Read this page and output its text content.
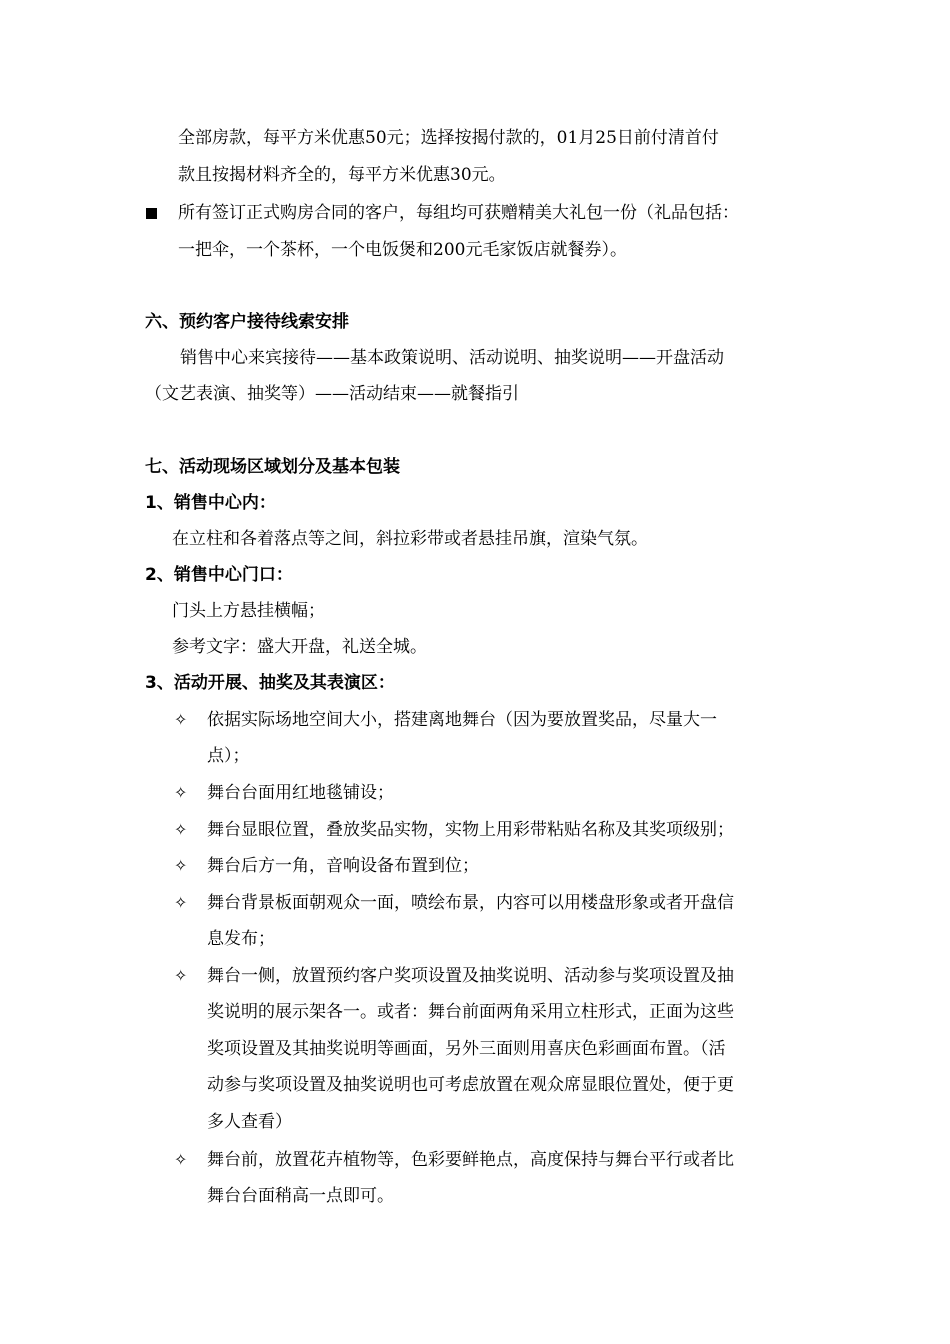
全部房款，每平方米优惠50元；选择按揭付款的，01月25日前付清首付
款且按揭材料齐全的，每平方米优惠30元。
所有签订正式购房合同的客户，每组均可获赠精美大礼包一份（礼品包括：
一把伞，一个茶杯，一个电饭煲和200元毛家饭店就餐券）。
六、预约客户接待线索安排
销售中心来宾接待——基本政策说明、活动说明、抽奖说明——开盘活动
（文艺表演、抽奖等）——活动结束——就餐指引
七、活动现场区域划分及基本包装
1、销售中心内：
在立柱和各着落点等之间，斜拉彩带或者悬挂吊旗，渲染气氛。
2、销售中心门口：
门头上方悬挂横幅；
参考文字：盛大开盘，礼送全城。
3、活动开展、抽奖及其表演区：
✧ 依据实际场地空间大小，搭建离地舞台（因为要放置奖品，尽量大一
点）；
✧ 舞台台面用红地毯铺设；
✧ 舞台显眼位置，叠放奖品实物，实物上用彩带粘贴名称及其奖项级别；
✧ 舞台后方一角，音响设备布置到位；
✧ 舞台背景板面朝观众一面，喷绘布景，内容可以用楼盘形象或者开盘信
息发布；
✧ 舞台一侧，放置预约客户奖项设置及抽奖说明、活动参与奖项设置及抽
奖说明的展示架各一。或者：舞台前面两角采用立柱形式，正面为这些
奖项设置及其抽奖说明等画面，另外三面则用喜庆色彩画面布置。（活
动参与奖项设置及抽奖说明也可考虑放置在观众席显眼位置处，便于更
多人查看）
✧ 舞台前，放置花卉植物等，色彩要鲜艳点，高度保持与舞台平行或者比
舞台台面稍高一点即可。
